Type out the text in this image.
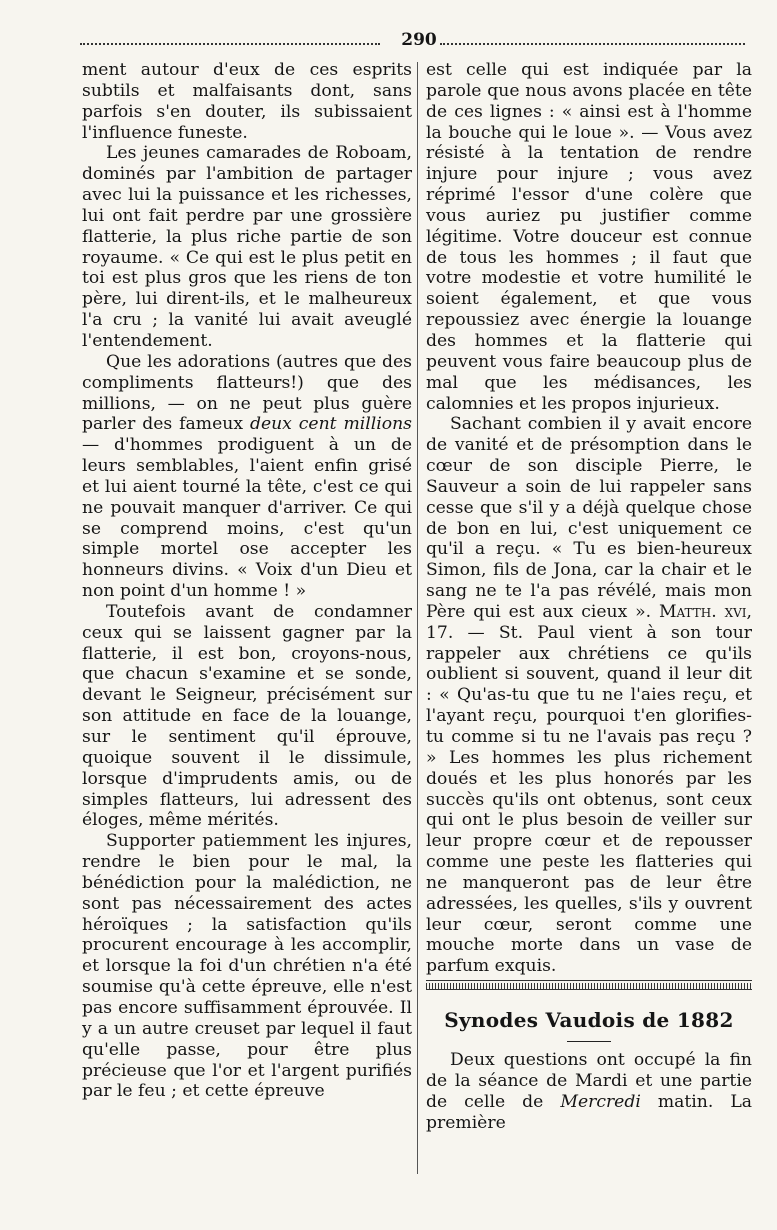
290

ment autour d'eux de ces esprits subtils et malfaisants dont, sans parfois s'en douter, ils subissaient l'influence funeste.

Les jeunes camarades de Roboam, dominés par l'ambition de partager avec lui la puissance et les richesses, lui ont fait perdre par une grossière flatterie, la plus riche partie de son royaume. « Ce qui est le plus petit en toi est plus gros que les riens de ton père, lui dirent-ils, et le malheureux l'a cru ; la vanité lui avait aveuglé l'entendement.

Que les adorations (autres que des compliments flatteurs!) que des millions, — on ne peut plus guère parler des fameux deux cent millions — d'hommes prodiguent à un de leurs semblables, l'aient enfin grisé et lui aient tourné la tête, c'est ce qui ne pouvait manquer d'arriver. Ce qui se comprend moins, c'est qu'un simple mortel ose accepter les honneurs divins. « Voix d'un Dieu et non point d'un homme ! »

Toutefois avant de condamner ceux qui se laissent gagner par la flatterie, il est bon, croyons-nous, que chacun s'examine et se sonde, devant le Seigneur, précisément sur son attitude en face de la louange, sur le sentiment qu'il éprouve, quoique souvent il le dissimule, lorsque d'imprudents amis, ou de simples flatteurs, lui adressent des éloges, même mérités.

Supporter patiemment les injures, rendre le bien pour le mal, la bénédiction pour la malédiction, ne sont pas nécessairement des actes héroïques ; la satisfaction qu'ils procurent encourage à les accomplir, et lorsque la foi d'un chrétien n'a été soumise qu'à cette épreuve, elle n'est pas encore suffisamment éprouvée. Il y a un autre creuset par lequel il faut qu'elle passe, pour être plus précieuse que l'or et l'argent purifiés par le feu ; et cette épreuve

est celle qui est indiquée par la parole que nous avons placée en tête de ces lignes : « ainsi est à l'homme la bouche qui le loue ». — Vous avez résisté à la tentation de rendre injure pour injure ; vous avez réprimé l'essor d'une colère que vous auriez pu justifier comme légitime. Votre douceur est connue de tous les hommes ; il faut que votre modestie et votre humilité le soient également, et que vous repoussiez avec énergie la louange des hommes et la flatterie qui peuvent vous faire beaucoup plus de mal que les médisances, les calomnies et les propos injurieux.

Sachant combien il y avait encore de vanité et de présomption dans le cœur de son disciple Pierre, le Sauveur a soin de lui rappeler sans cesse que s'il y a déjà quelque chose de bon en lui, c'est uniquement ce qu'il a reçu. « Tu es bien-heureux Simon, fils de Jona, car la chair et le sang ne te l'a pas révélé, mais mon Père qui est aux cieux ». Matth. xvi, 17. — St. Paul vient à son tour rappeler aux chrétiens ce qu'ils oublient si souvent, quand il leur dit : « Qu'as-tu que tu ne l'aies reçu, et l'ayant reçu, pourquoi t'en glorifies-tu comme si tu ne l'avais pas reçu ? » Les hommes les plus richement doués et les plus honorés par les succès qu'ils ont obtenus, sont ceux qui ont le plus besoin de veiller sur leur propre cœur et de repousser comme une peste les flatteries qui ne manqueront pas de leur être adressées, les quelles, s'ils y ouvrent leur cœur, seront comme une mouche morte dans un vase de parfum exquis.

Synodes Vaudois de 1882

Deux questions ont occupé la fin de la séance de Mardi et une partie de celle de Mercredi matin. La première
